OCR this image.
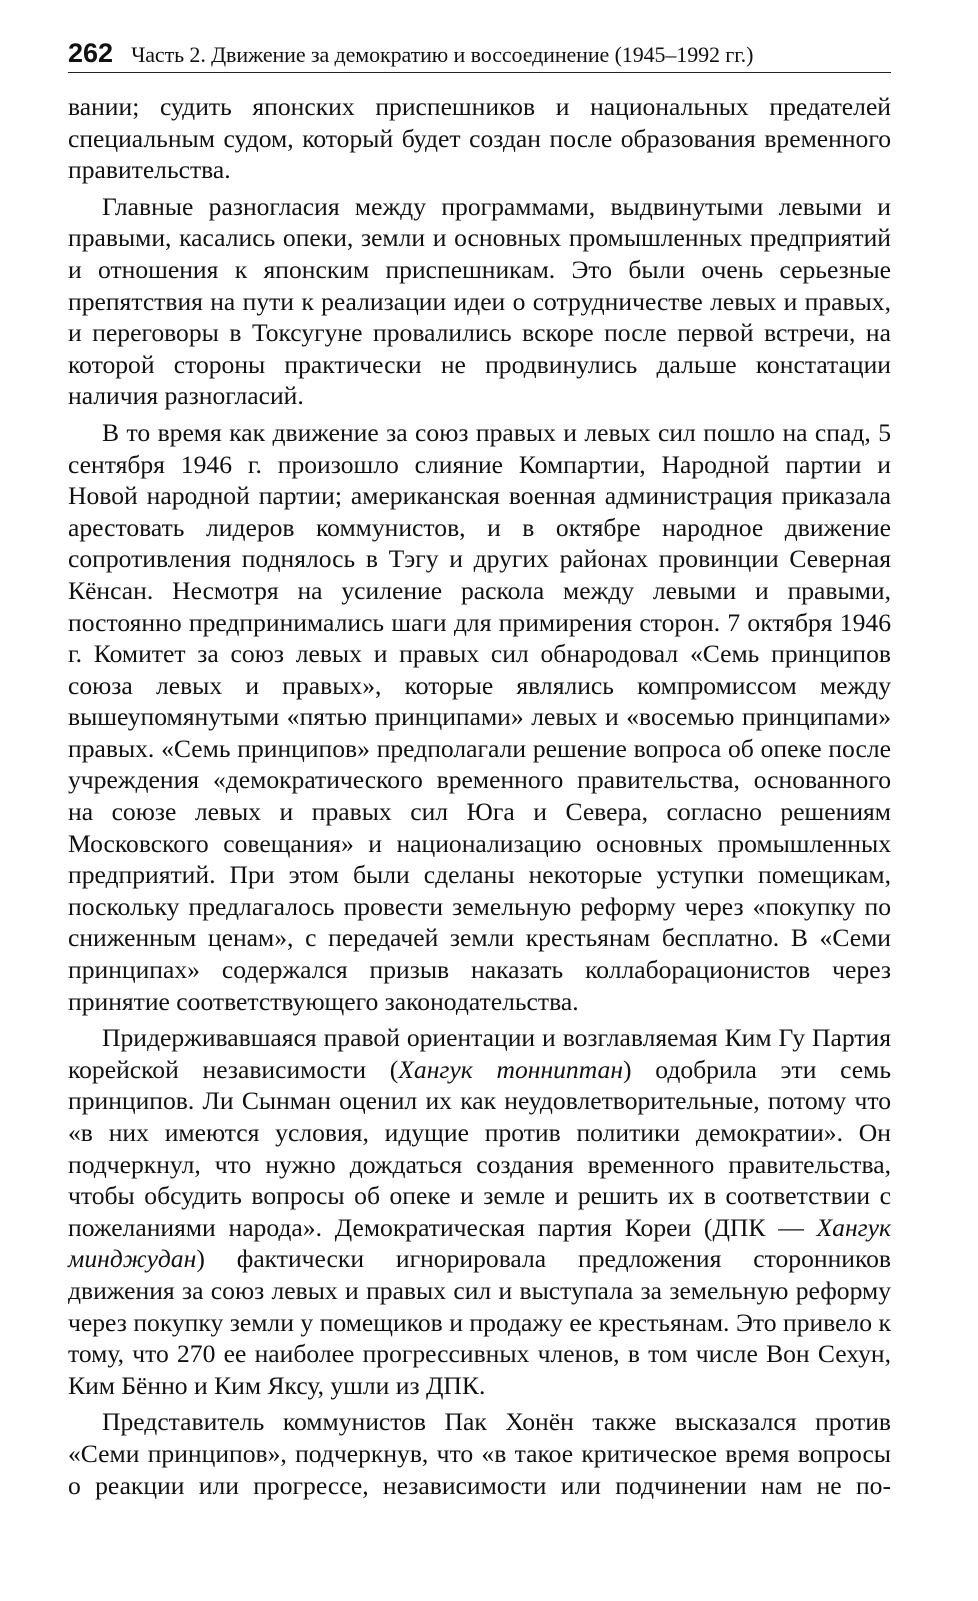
262 Часть 2. Движение за демократию и воссоединение (1945–1992 гг.)

вании; судить японских приспешников и национальных предателей специальным судом, который будет создан после образования временного правительства.

Главные разногласия между программами, выдвинутыми левыми и правыми, касались опеки, земли и основных промышленных предприятий и отношения к японским приспешникам. Это были очень серьезные препятствия на пути к реализации идеи о сотрудничестве левых и правых, и переговоры в Токсугуне провалились вскоре после первой встречи, на которой стороны практически не продвинулись дальше констатации наличия разногласий.

В то время как движение за союз правых и левых сил пошло на спад, 5 сентября 1946 г. произошло слияние Компартии, Народной партии и Новой народной партии; американская военная администрация приказала арестовать лидеров коммунистов, и в октябре народное движение сопротивления поднялось в Тэгу и других районах провинции Северная Кёнсан. Несмотря на усиление раскола между левыми и правыми, постоянно предпринимались шаги для примирения сторон. 7 октября 1946 г. Комитет за союз левых и правых сил обнародовал «Семь принципов союза левых и правых», которые являлись компромиссом между вышеупомянутыми «пятью принципами» левых и «восемью принципами» правых. «Семь принципов» предполагали решение вопроса об опеке после учреждения «демократического временного правительства, основанного на союзе левых и правых сил Юга и Севера, согласно решениям Московского совещания» и национализацию основных промышленных предприятий. При этом были сделаны некоторые уступки помещикам, поскольку предлагалось провести земельную реформу через «покупку по сниженным ценам», с передачей земли крестьянам бесплатно. В «Семи принципах» содержался призыв наказать коллаборационистов через принятие соответствующего законодательства.

Придерживавшаяся правой ориентации и возглавляемая Ким Гу Партия корейской независимости (Хангук тонниптан) одобрила эти семь принципов. Ли Сынман оценил их как неудовлетворительные, потому что «в них имеются условия, идущие против политики демократии». Он подчеркнул, что нужно дождаться создания временного правительства, чтобы обсудить вопросы об опеке и земле и решить их в соответствии с пожеланиями народа». Демократическая партия Кореи (ДПК — Хангук минджудан) фактически игнорировала предложения сторонников движения за союз левых и правых сил и выступала за земельную реформу через покупку земли у помещиков и продажу ее крестьянам. Это привело к тому, что 270 ее наиболее прогрессивных членов, в том числе Вон Сехун, Ким Бённо и Ким Яксу, ушли из ДПК.

Представитель коммунистов Пак Хонён также высказался против «Семи принципов», подчеркнув, что «в такое критическое время вопросы о реакции или прогрессе, независимости или подчинении нам не по-
